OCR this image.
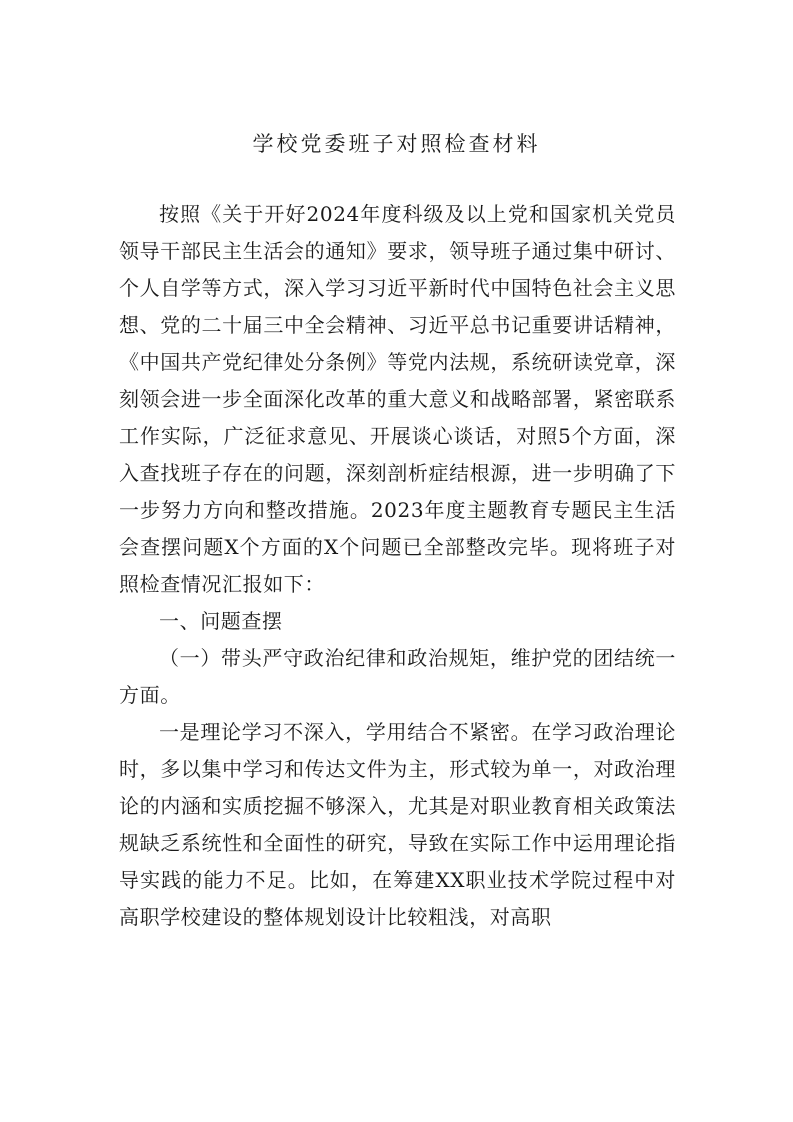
学校党委班子对照检查材料

按照《关于开好2024年度科级及以上党和国家机关党员领导干部民主生活会的通知》要求，领导班子通过集中研讨、个人自学等方式，深入学习习近平新时代中国特色社会主义思想、党的二十届三中全会精神、习近平总书记重要讲话精神，《中国共产党纪律处分条例》等党内法规，系统研读党章，深刻领会进一步全面深化改革的重大意义和战略部署，紧密联系工作实际，广泛征求意见、开展谈心谈话，对照5个方面，深入查找班子存在的问题，深刻剖析症结根源，进一步明确了下一步努力方向和整改措施。2023年度主题教育专题民主生活会查摆问题X个方面的X个问题已全部整改完毕。现将班子对照检查情况汇报如下：

一、问题查摆

（一）带头严守政治纪律和政治规矩，维护党的团结统一方面。

一是理论学习不深入，学用结合不紧密。在学习政治理论时，多以集中学习和传达文件为主，形式较为单一，对政治理论的内涵和实质挖掘不够深入，尤其是对职业教育相关政策法规缺乏系统性和全面性的研究，导致在实际工作中运用理论指导实践的能力不足。比如，在筹建XX职业技术学院过程中对高职学校建设的整体规划设计比较粗浅，对高职
